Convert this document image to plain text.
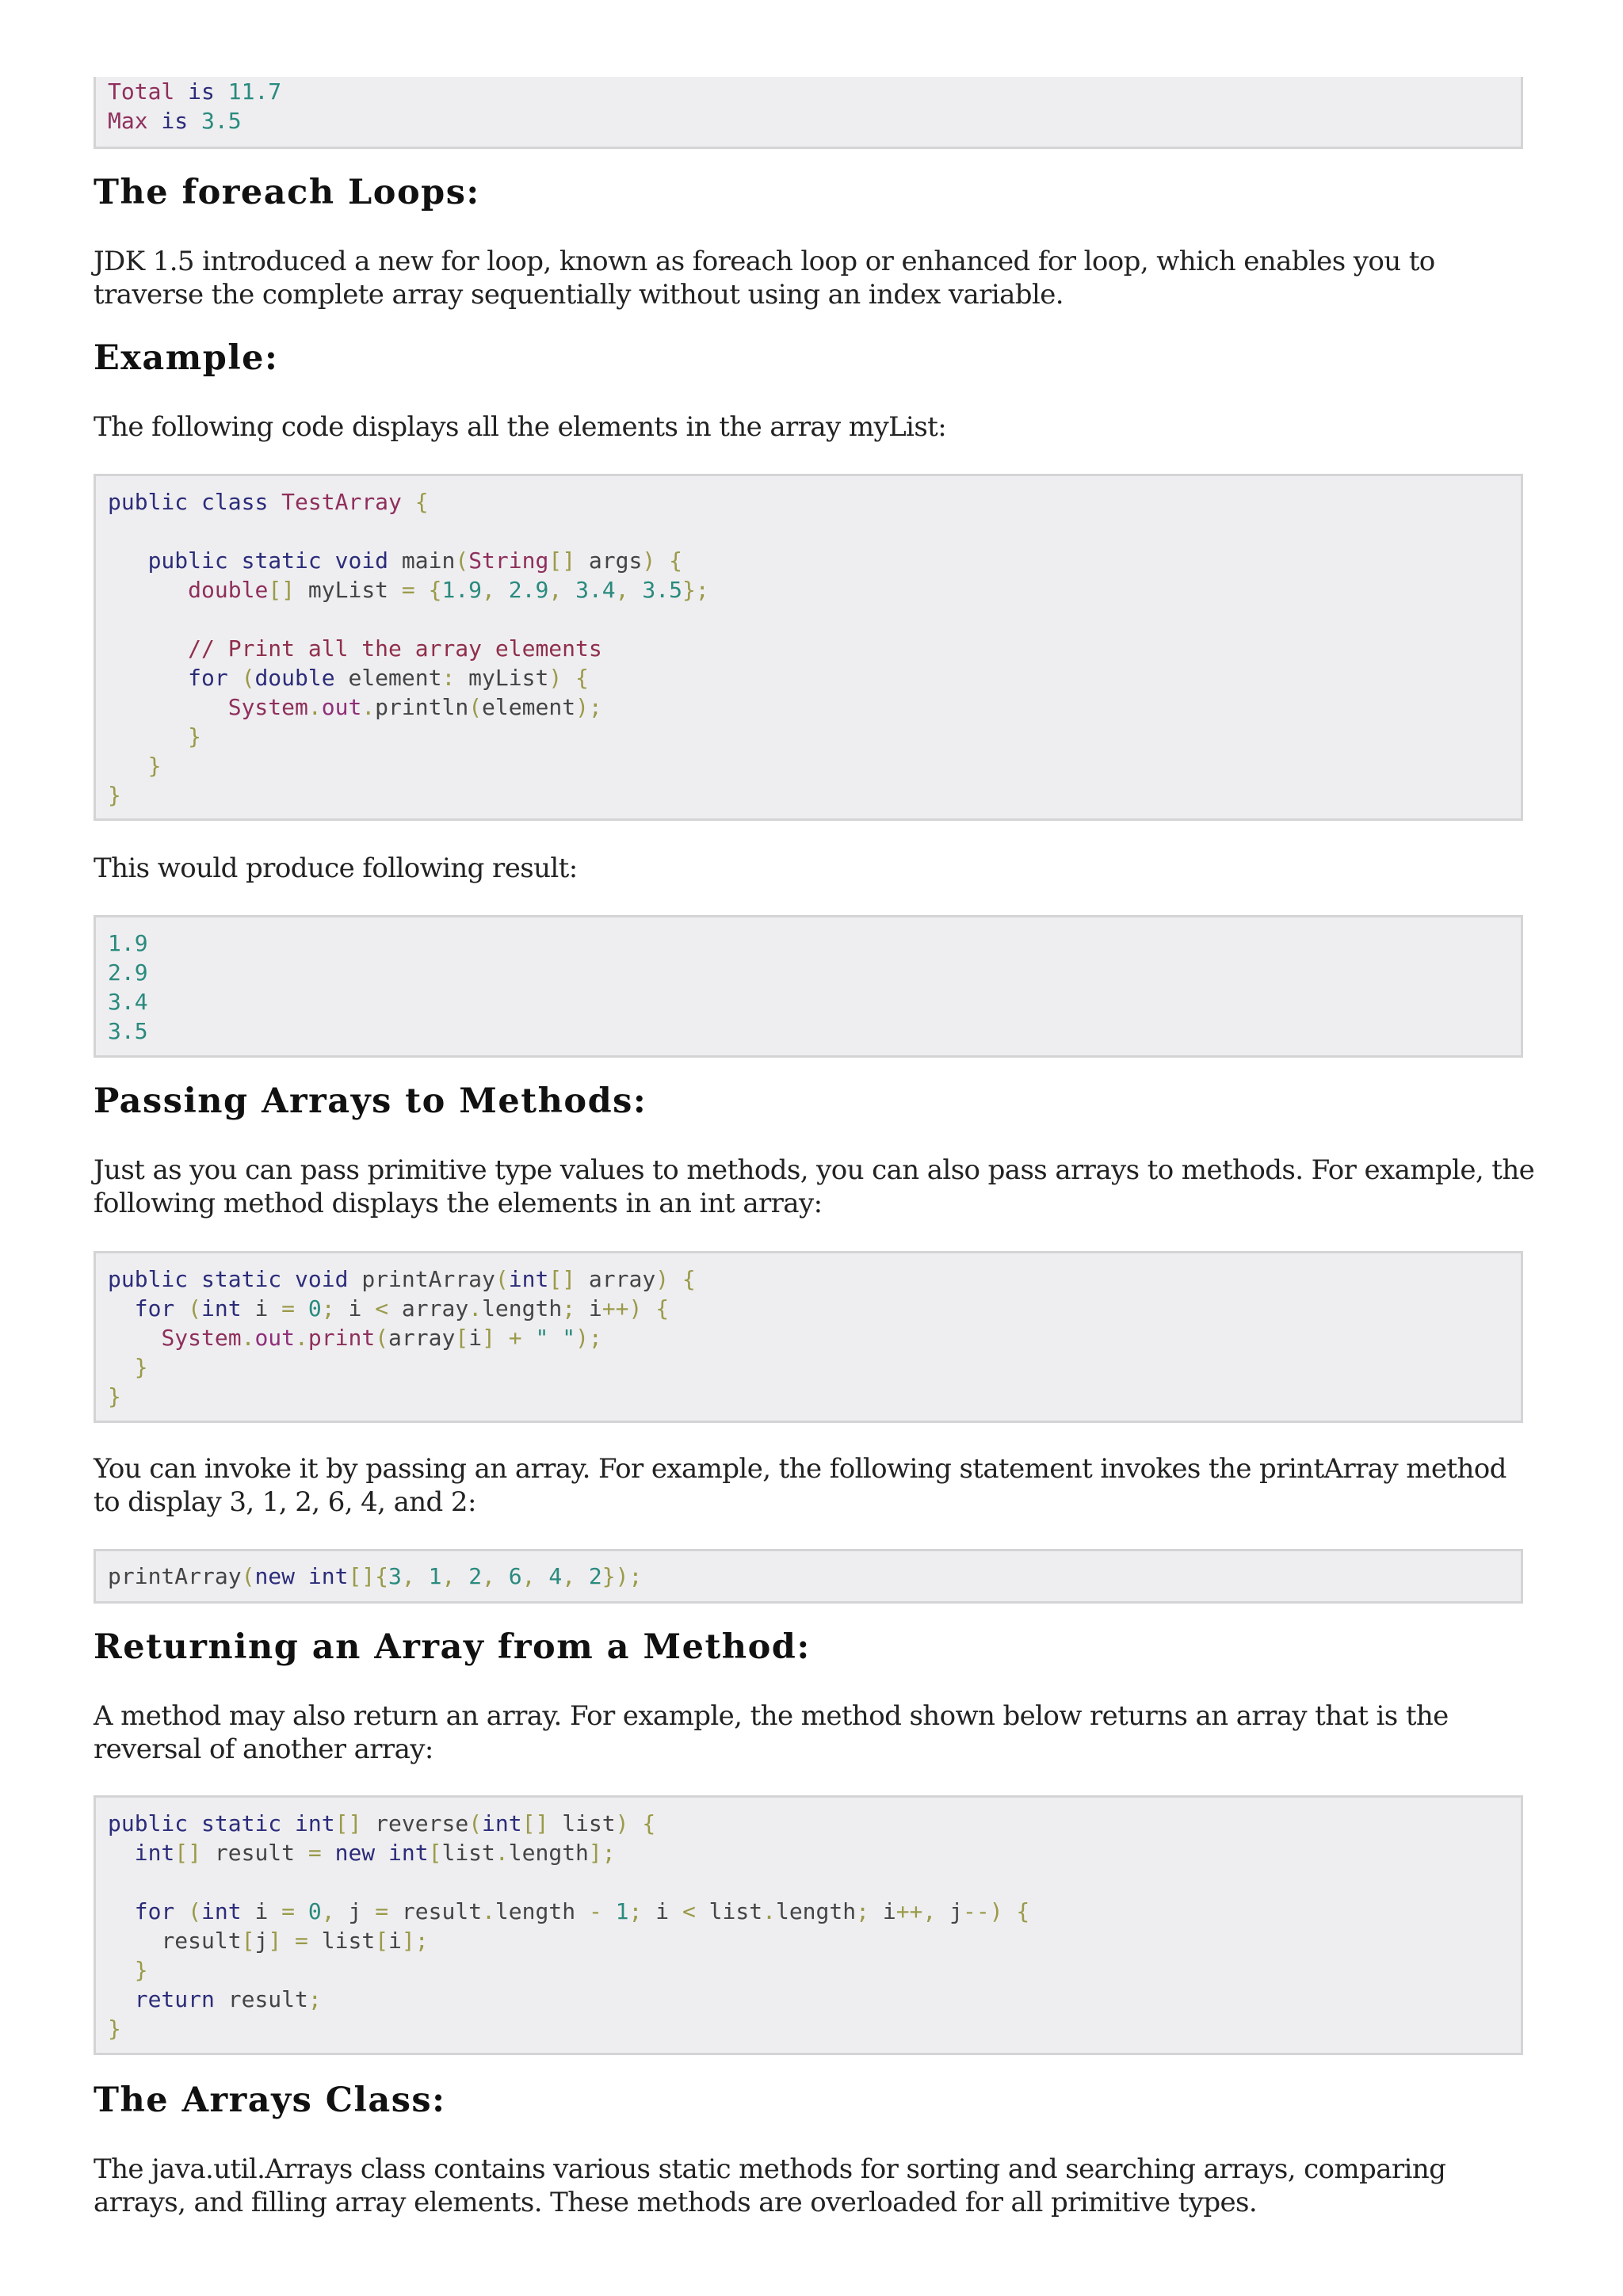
Total is 11.7
Max is 3.5
The foreach Loops:

JDK 1.5 introduced a new for loop, known as foreach loop or enhanced for loop, which enables you to traverse the complete array sequentially without using an index variable.

Example:

The following code displays all the elements in the array myList:

public class TestArray {

public static void main(String[] args) {
double[] myList = {1.9, 2.9, 3.4, 3.5};

// Print all the array elements
for (double element: myList) {
System.out.println(element);
}
}
}

This would produce following result:

1.9
2.9
3.4
3.5
Passing Arrays to Methods:

Just as you can pass primitive type values to methods, you can also pass arrays to methods. For example, the following method displays the elements in an int array:

public static void printArray(int[] array) {
for (int i = 0; i < array.length; i++) {
System.out.print(array[i] + " ");
}
}

You can invoke it by passing an array. For example, the following statement invokes the printArray method to display 3, 1, 2, 6, 4, and 2:

printArray(new int[]{3, 1, 2, 6, 4, 2});
Returning an Array from a Method:

A method may also return an array. For example, the method shown below returns an array that is the reversal of another array:

public static int[] reverse(int[] list) {
int[] result = new int[list.length];

for (int i = 0, j = result.length - 1; i < list.length; i++, j--) {
result[j] = list[i];
}
return result;
}
The Arrays Class:

The java.util.Arrays class contains various static methods for sorting and searching arrays, comparing arrays, and filling array elements. These methods are overloaded for all primitive types.
